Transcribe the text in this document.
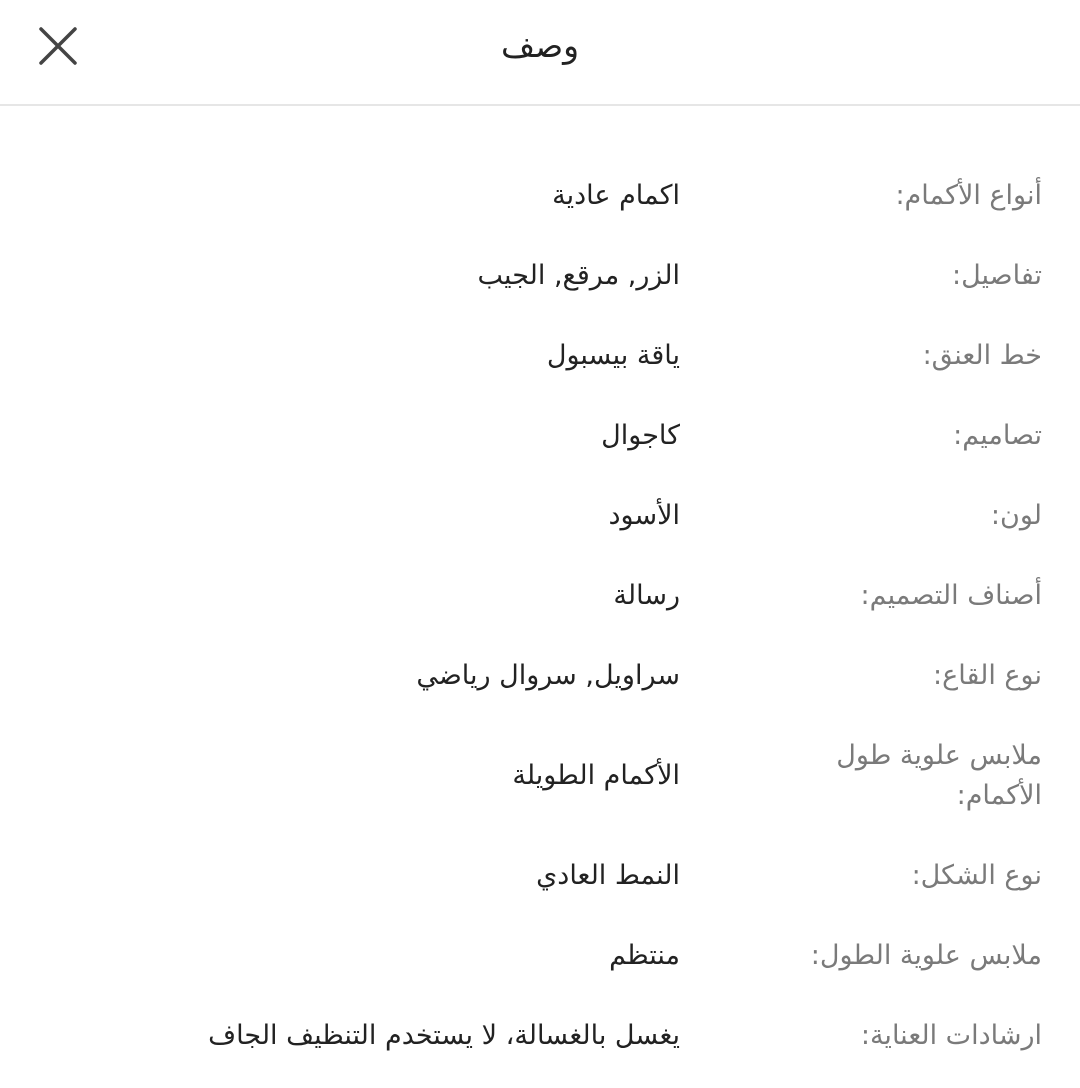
وصف
أنواع الأكمام:
اكمام عادية
تفاصيل:
الزر, مرقع, الجيب
خط العنق:
ياقة بيسبول
تصاميم:
كاجوال
لون:
الأسود
أصناف التصميم:
رسالة
نوع القاع:
سراويل, سروال رياضي
ملابس علوية طول الأكمام:
الأكمام الطويلة
نوع الشكل:
النمط العادي
ملابس علوية الطول:
منتظم
ارشادات العناية:
يغسل بالغسالة، لا يستخدم التنظيف الجاف
